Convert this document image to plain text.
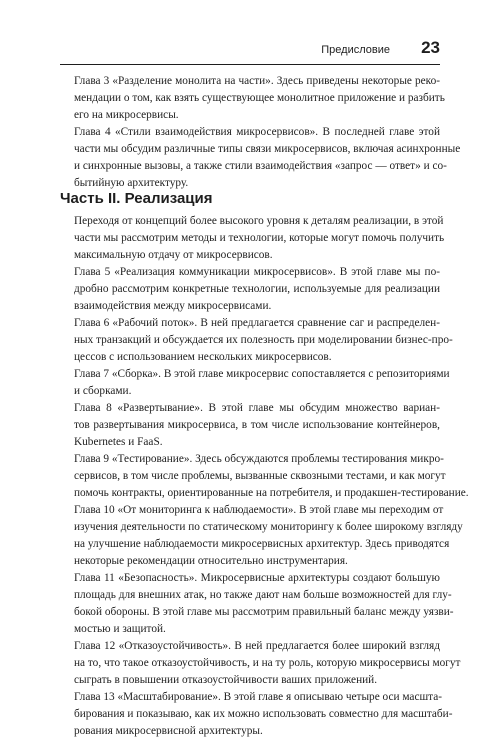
Предисловие 23

Глава 3 «Разделение монолита на части». Здесь приведены некоторые реко-
мендации о том, как взять существующее монолитное приложение и разбить
его на микросервисы.

Глава 4 «Стили взаимодействия микросервисов». В последней главе этой
части мы обсудим различные типы связи микросервисов, включая асинхронные
и синхронные вызовы, а также стили взаимодействия «запрос — ответ» и со-
бытийную архитектуру.

Часть II. Реализация

Переходя от концепций более высокого уровня к деталям реализации, в этой
части мы рассмотрим методы и технологии, которые могут помочь получить
максимальную отдачу от микросервисов.

Глава 5 «Реализация коммуникации микросервисов». В этой главе мы по-
дробно рассмотрим конкретные технологии, используемые для реализации
взаимодействия между микросервисами.

Глава 6 «Рабочий поток». В ней предлагается сравнение саг и распределен-
ных транзакций и обсуждается их полезность при моделировании бизнес-про-
цессов с использованием нескольких микросервисов.

Глава 7 «Сборка». В этой главе микросервис сопоставляется с репозиториями
и сборками.

Глава 8 «Развертывание». В этой главе мы обсудим множество вариан-
тов развертывания микросервиса, в том числе использование контейнеров,
Kubernetes и FaaS.

Глава 9 «Тестирование». Здесь обсуждаются проблемы тестирования микро-
сервисов, в том числе проблемы, вызванные сквозными тестами, и как могут
помочь контракты, ориентированные на потребителя, и продакшен-тестирование.

Глава 10 «От мониторинга к наблюдаемости». В этой главе мы переходим от
изучения деятельности по статическому мониторингу к более широкому взгляду
на улучшение наблюдаемости микросервисных архитектур. Здесь приводятся
некоторые рекомендации относительно инструментария.

Глава 11 «Безопасность». Микросервисные архитектуры создают большую
площадь для внешних атак, но также дают нам больше возможностей для глу-
бокой обороны. В этой главе мы рассмотрим правильный баланс между уязви-
мостью и защитой.

Глава 12 «Отказоустойчивость». В ней предлагается более широкий взгляд
на то, что такое отказоустойчивость, и на ту роль, которую микросервисы могут
сыграть в повышении отказоустойчивости ваших приложений.

Глава 13 «Масштабирование». В этой главе я описываю четыре оси масшта-
бирования и показываю, как их можно использовать совместно для масштаби-
рования микросервисной архитектуры.
